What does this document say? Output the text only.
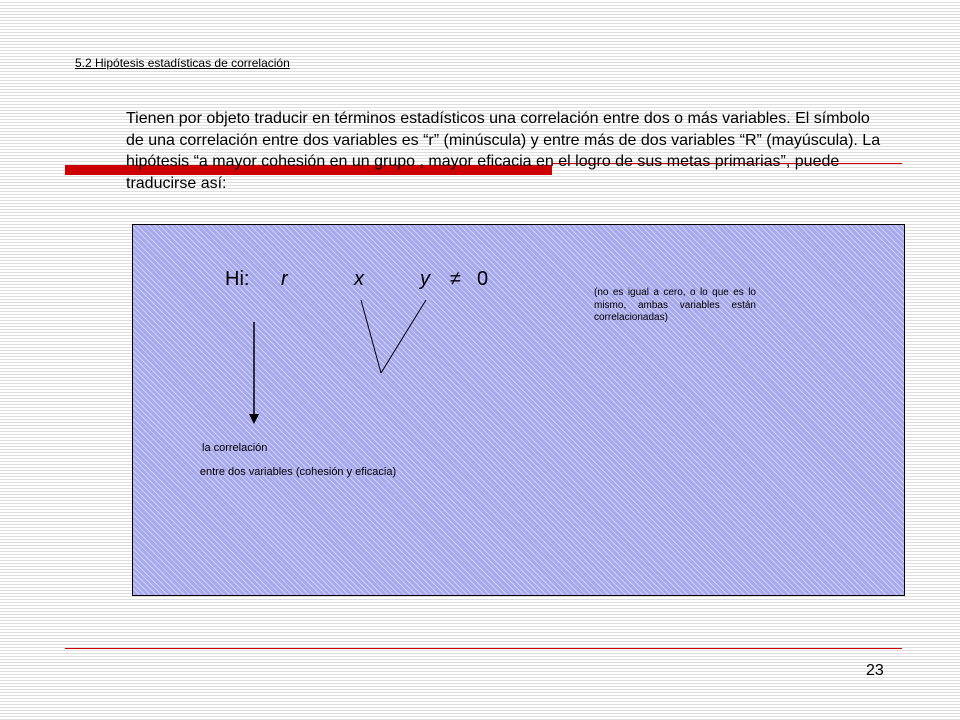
5.2 Hipótesis estadísticas de correlación

Tienen por objeto traducir en términos estadísticos una correlación entre dos o más variables. El símbolo de una correlación entre dos variables es “r” (minúscula) y entre más de dos variables “R” (mayúscula). La hipótesis “a mayor cohesión en un grupo , mayor eficacia en el logro de sus metas primarias”, puede traducirse así:

Hi: r	x	y ≠ 0

(no es igual a cero, o lo que es lo mismo, ambas variables están correlacionadas)

la correlación

entre dos variables (cohesión y eficacia)

23
